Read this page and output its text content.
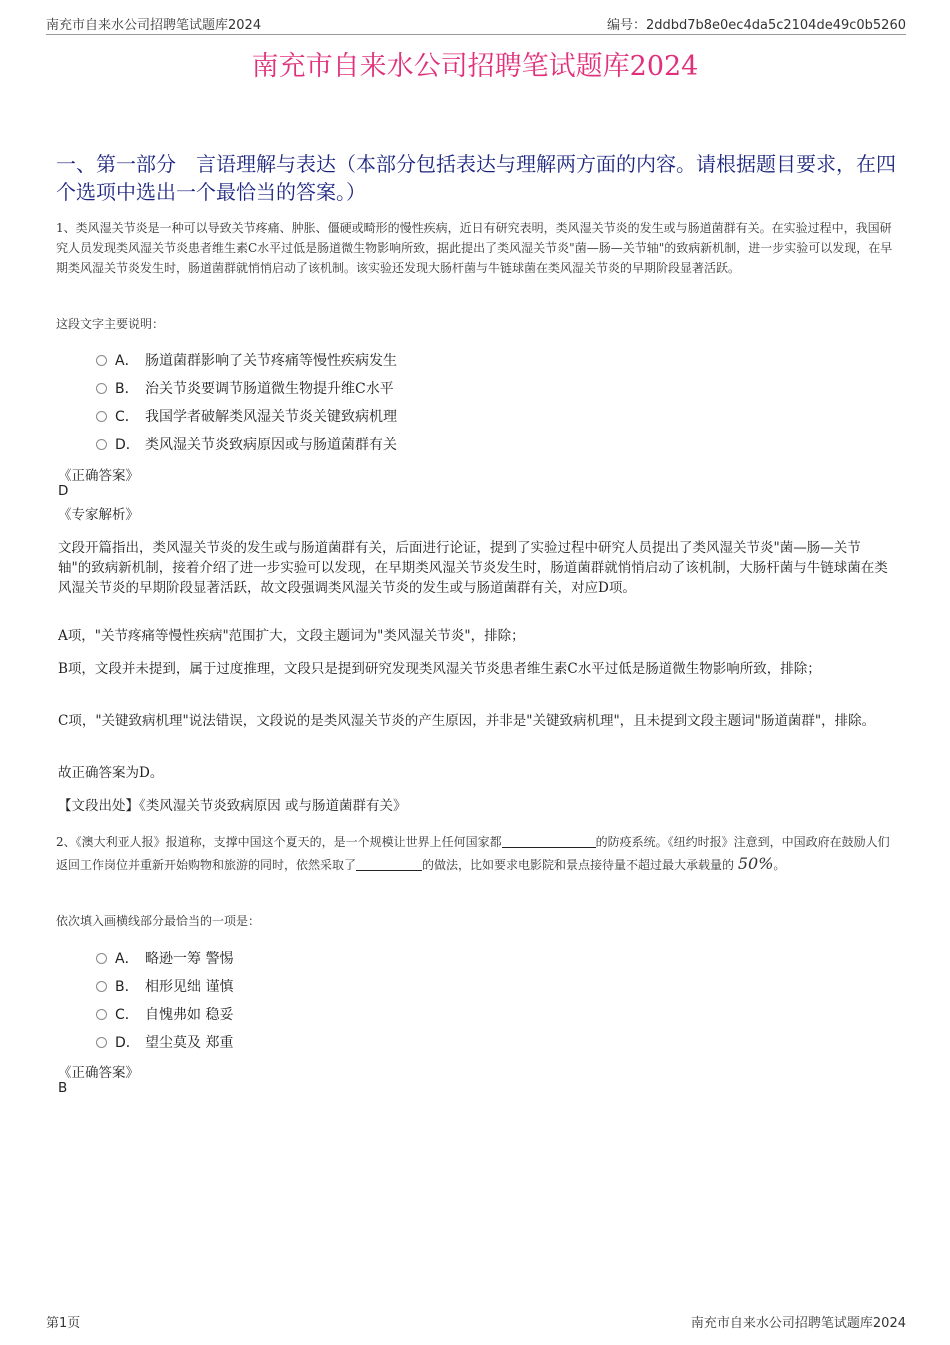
南充市自来水公司招聘笔试题库2024	编号：2ddbd7b8e0ec4da5c2104de49c0b5260
南充市自来水公司招聘笔试题库2024
一、第一部分　言语理解与表达（本部分包括表达与理解两方面的内容。请根据题目要求，在四个选项中选出一个最恰当的答案。）
1、类风湿关节炎是一种可以导致关节疼痛、肿胀、僵硬或畸形的慢性疾病，近日有研究表明，类风湿关节炎的发生或与肠道菌群有关。在实验过程中，我国研究人员发现类风湿关节炎患者维生素C水平过低是肠道微生物影响所致，据此提出了类风湿关节炎"菌—肠—关节轴"的致病新机制，进一步实验可以发现，在早期类风湿关节炎发生时，肠道菌群就悄悄启动了该机制。该实验还发现大肠杆菌与牛链球菌在类风湿关节炎的早期阶段显著活跃。
这段文字主要说明：
A． 肠道菌群影响了关节疼痛等慢性疾病发生
B． 治关节炎要调节肠道微生物提升维C水平
C． 我国学者破解类风湿关节炎关键致病机理
D． 类风湿关节炎致病原因或与肠道菌群有关
《正确答案》
D
《专家解析》
文段开篇指出，类风湿关节炎的发生或与肠道菌群有关，后面进行论证，提到了实验过程中研究人员提出了类风湿关节炎"菌—肠—关节轴"的致病新机制，接着介绍了进一步实验可以发现，在早期类风湿关节炎发生时，肠道菌群就悄悄启动了该机制，大肠杆菌与牛链球菌在类风湿关节炎的早期阶段显著活跃，故文段强调类风湿关节炎的发生或与肠道菌群有关，对应D项。
A项，"关节疼痛等慢性疾病"范围扩大，文段主题词为"类风湿关节炎"，排除；
B项，文段并未提到，属于过度推理，文段只是提到研究发现类风湿关节炎患者维生素C水平过低是肠道微生物影响所致，排除；
C项，"关键致病机理"说法错误，文段说的是类风湿关节炎的产生原因，并非是"关键致病机理"，且未提到文段主题词"肠道菌群"，排除。
故正确答案为D。
【文段出处】《类风湿关节炎致病原因 或与肠道菌群有关》
2、《澳大利亚人报》报道称，支撑中国这个夏天的，是一个规模让世界上任何国家都	的防疫系统。《纽约时报》注意到，中国政府在鼓励人们返回工作岗位并重新开始购物和旅游的同时，依然采取了	的做法，比如要求电影院和景点接待量不超过最大承载量的 50%。
依次填入画横线部分最恰当的一项是：
A． 略逊一筹 警惕
B． 相形见绌 谨慎
C． 自愧弗如 稳妥
D． 望尘莫及 郑重
《正确答案》
B
第1页	南充市自来水公司招聘笔试题库2024
